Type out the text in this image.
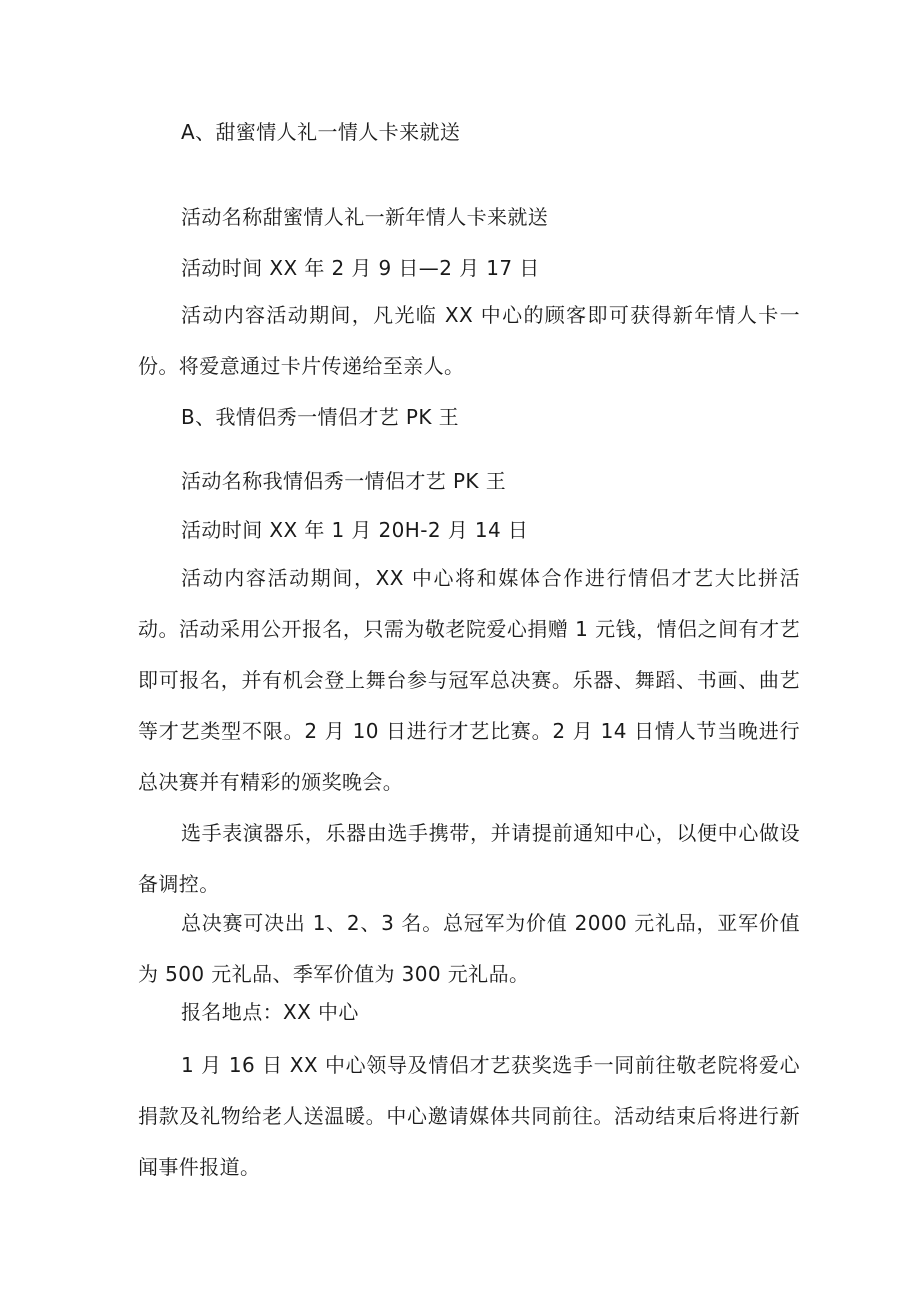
A、甜蜜情人礼一情人卡来就送
活动名称甜蜜情人礼一新年情人卡来就送
活动时间 XX 年 2 月 9 日—2 月 17 日
活动内容活动期间，凡光临 XX 中心的顾客即可获得新年情人卡一份。将爱意通过卡片传递给至亲人。
B、我情侣秀一情侣才艺 PK 王
活动名称我情侣秀一情侣才艺 PK 王
活动时间 XX 年 1 月 20H-2 月 14 日
活动内容活动期间，XX 中心将和媒体合作进行情侣才艺大比拼活动。活动采用公开报名，只需为敬老院爱心捐赠 1 元钱，情侣之间有才艺即可报名，并有机会登上舞台参与冠军总决赛。乐器、舞蹈、书画、曲艺等才艺类型不限。2 月 10 日进行才艺比赛。2 月 14 日情人节当晚进行总决赛并有精彩的颁奖晚会。
选手表演器乐，乐器由选手携带，并请提前通知中心，以便中心做设备调控。
总决赛可决出 1、2、3 名。总冠军为价值 2000 元礼品，亚军价值为 500 元礼品、季军价值为 300 元礼品。
报名地点：XX 中心
1 月 16 日 XX 中心领导及情侣才艺获奖选手一同前往敬老院将爱心捐款及礼物给老人送温暖。中心邀请媒体共同前往。活动结束后将进行新闻事件报道。
